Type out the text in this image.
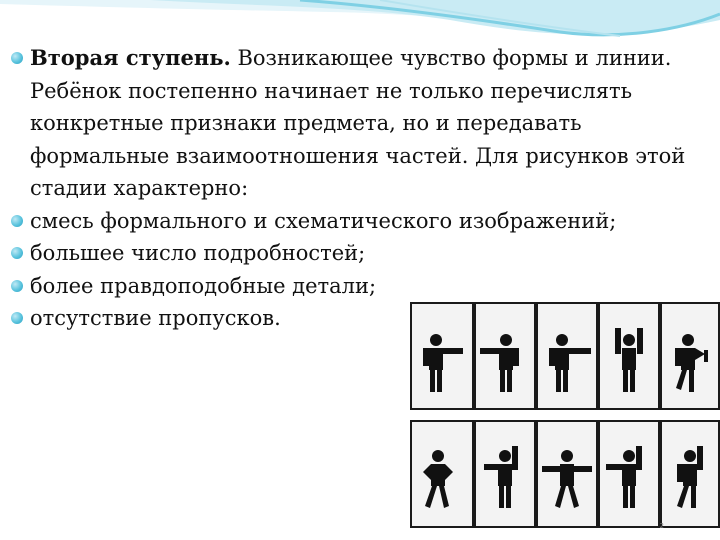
Вторая ступень. Возникающее чувство формы и линии. Ребёнок постепенно начинает не только перечислять конкретные признаки предмета, но и передавать формальные взаимоотношения частей. Для рисунков этой стадии характерно:
смесь формального и схематического изображений;
большее число подробностей;
более правдоподобные детали;
отсутствие пропусков.
2
